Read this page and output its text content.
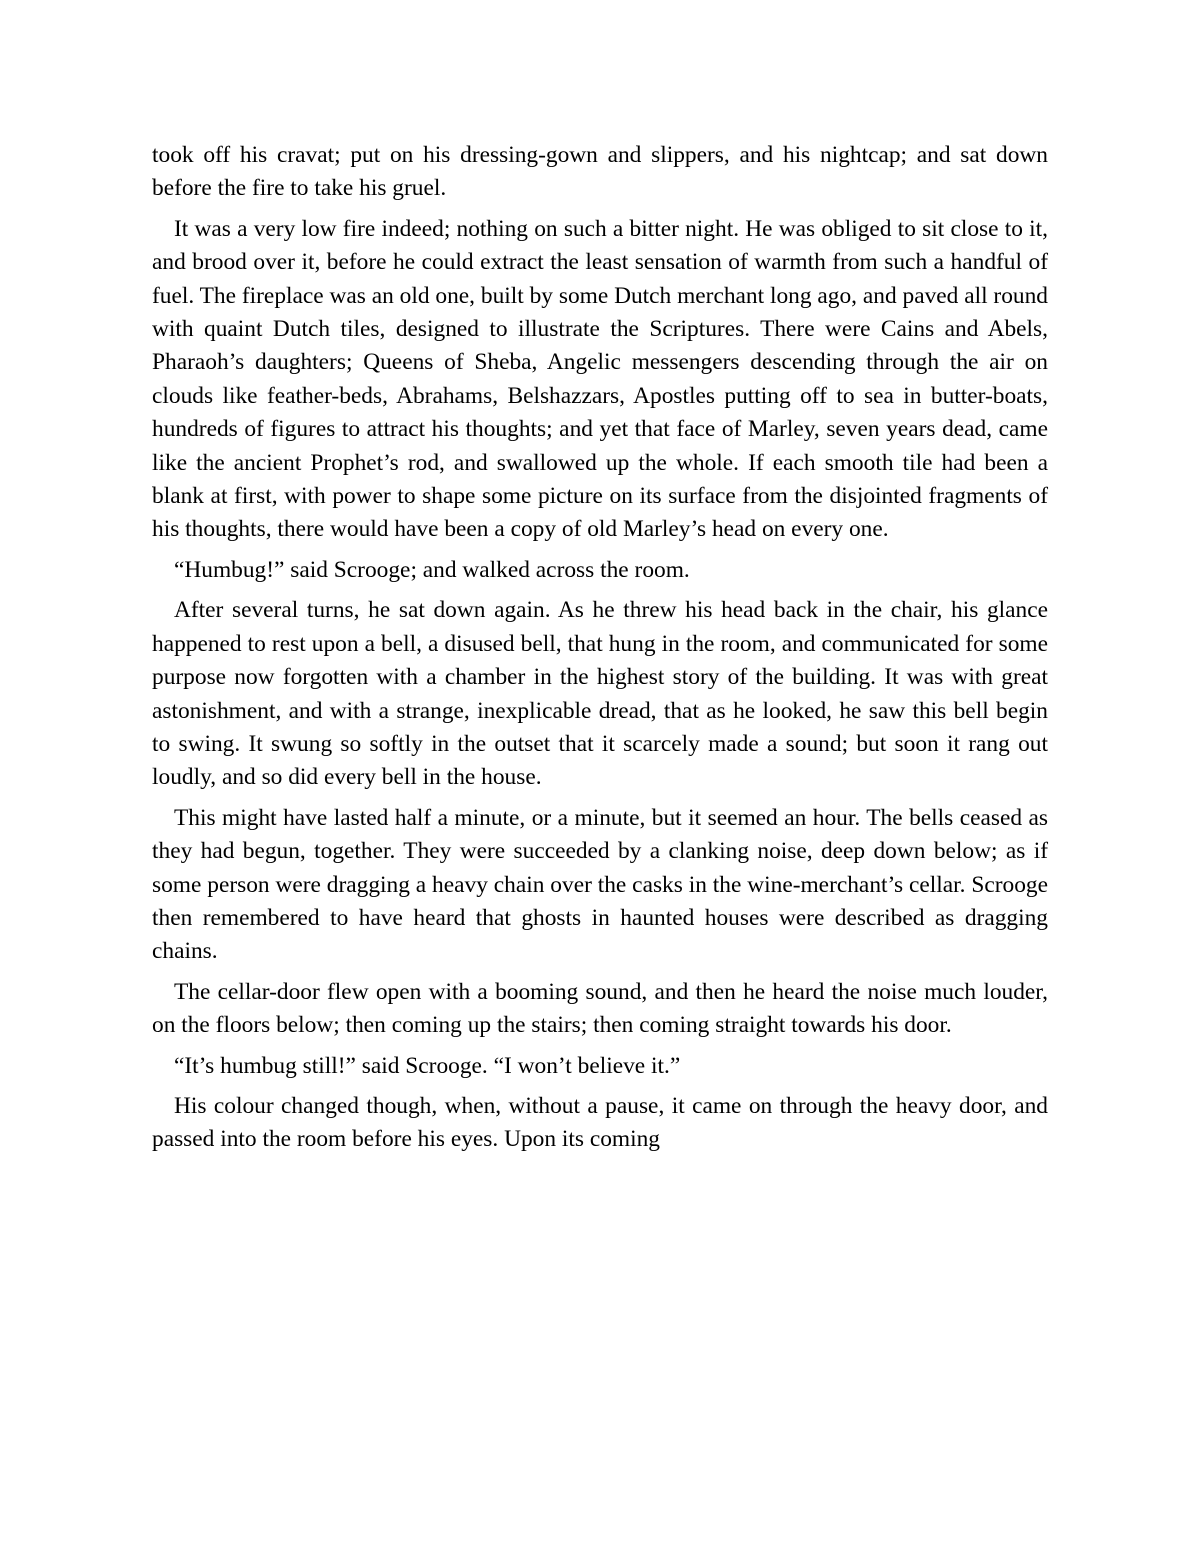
took off his cravat; put on his dressing-gown and slippers, and his nightcap; and sat down before the fire to take his gruel.

It was a very low fire indeed; nothing on such a bitter night. He was obliged to sit close to it, and brood over it, before he could extract the least sensation of warmth from such a handful of fuel. The fireplace was an old one, built by some Dutch merchant long ago, and paved all round with quaint Dutch tiles, designed to illustrate the Scriptures. There were Cains and Abels, Pharaoh’s daughters; Queens of Sheba, Angelic messengers descending through the air on clouds like feather-beds, Abrahams, Belshazzars, Apostles putting off to sea in butter-boats, hundreds of figures to attract his thoughts; and yet that face of Marley, seven years dead, came like the ancient Prophet’s rod, and swallowed up the whole. If each smooth tile had been a blank at first, with power to shape some picture on its surface from the disjointed fragments of his thoughts, there would have been a copy of old Marley’s head on every one.

“Humbug!” said Scrooge; and walked across the room.

After several turns, he sat down again. As he threw his head back in the chair, his glance happened to rest upon a bell, a disused bell, that hung in the room, and communicated for some purpose now forgotten with a chamber in the highest story of the building. It was with great astonishment, and with a strange, inexplicable dread, that as he looked, he saw this bell begin to swing. It swung so softly in the outset that it scarcely made a sound; but soon it rang out loudly, and so did every bell in the house.

This might have lasted half a minute, or a minute, but it seemed an hour. The bells ceased as they had begun, together. They were succeeded by a clanking noise, deep down below; as if some person were dragging a heavy chain over the casks in the wine-merchant’s cellar. Scrooge then remembered to have heard that ghosts in haunted houses were described as dragging chains.

The cellar-door flew open with a booming sound, and then he heard the noise much louder, on the floors below; then coming up the stairs; then coming straight towards his door.

“It’s humbug still!” said Scrooge. “I won’t believe it.”

His colour changed though, when, without a pause, it came on through the heavy door, and passed into the room before his eyes. Upon its coming
